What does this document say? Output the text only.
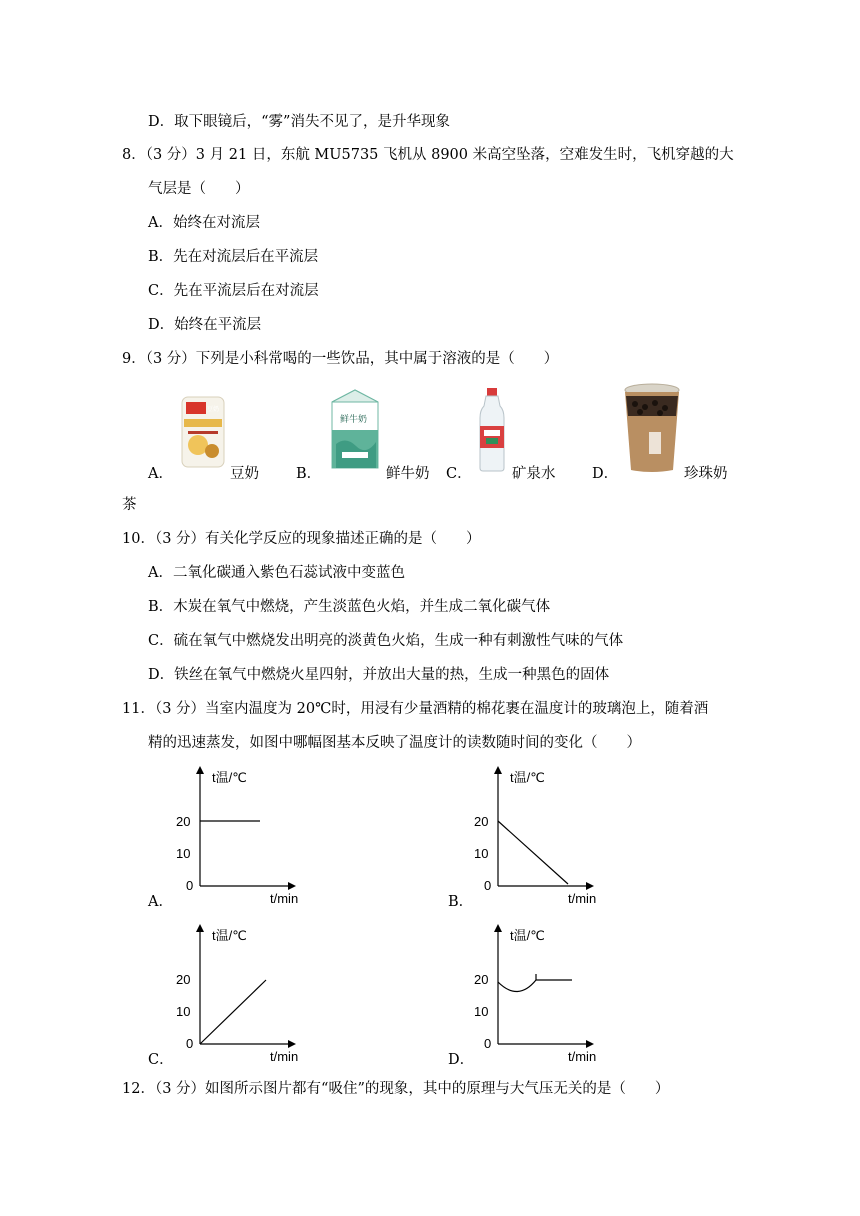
D．取下眼镜后，“雾”消失不见了，是升华现象
8．（3 分）3 月 21 日，东航 MU5735 飞机从 8900 米高空坠落，空难发生时，飞机穿越的大
气层是（　　）
A．始终在对流层
B．先在对流层后在平流层
C．先在平流层后在对流层
D．始终在平流层
9．（3 分）下列是小科常喝的一些饮品，其中属于溶液的是（　　）
豆奶
鲜牛奶
A．	豆奶	B．	鲜牛奶 C．	矿泉水	D．	珍珠奶
茶
10．（3 分）有关化学反应的现象描述正确的是（　　）
A．二氧化碳通入紫色石蕊试液中变蓝色
B．木炭在氧气中燃烧，产生淡蓝色火焰，并生成二氧化碳气体
C．硫在氧气中燃烧发出明亮的淡黄色火焰，生成一种有刺激性气味的气体
D．铁丝在氧气中燃烧火星四射，并放出大量的热，生成一种黑色的固体
11．（3 分）当室内温度为 20℃时，用浸有少量酒精的棉花裹在温度计的玻璃泡上，随着酒
精的迅速蒸发，如图中哪幅图基本反映了温度计的读数随时间的变化（　　）
A．
t温/℃
20
10
0
t/min	B．
t温/℃
20
10
0
t/min
C．
t温/℃
20
10
0
t/min	D．
t温/℃
20
10
0
t/min
12．（3 分）如图所示图片都有“吸住”的现象，其中的原理与大气压无关的是（　　）
